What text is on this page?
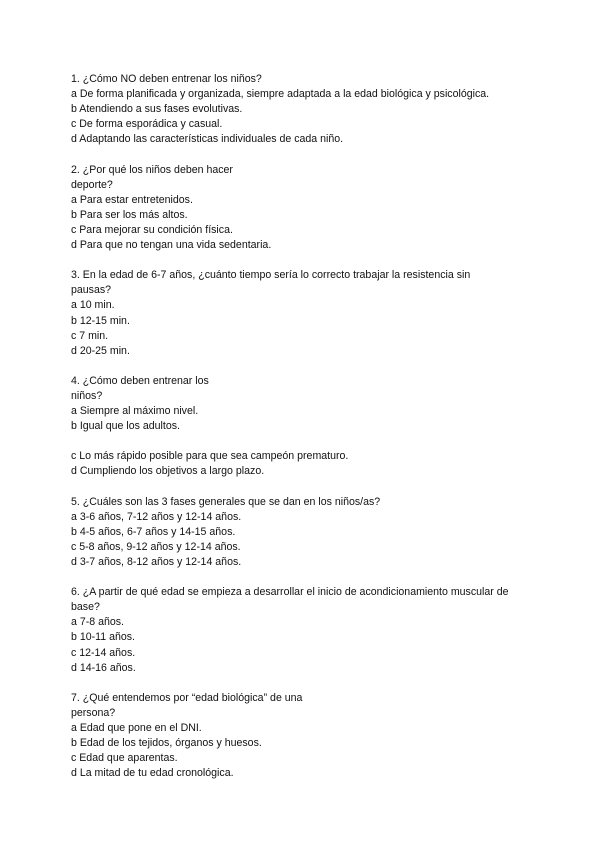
1. ¿Cómo NO deben entrenar los niños?
a De forma planificada y organizada, siempre adaptada a la edad biológica y psicológica.
b Atendiendo a sus fases evolutivas.
c De forma esporádica y casual.
d Adaptando las características individuales de cada niño.
2. ¿Por qué los niños deben hacer
deporte?
a Para estar entretenidos.
b Para ser los más altos.
c Para mejorar su condición física.
d Para que no tengan una vida sedentaria.
3. En la edad de 6-7 años, ¿cuánto tiempo sería lo correcto trabajar la resistencia sin
pausas?
a 10 min.
b 12-15 min.
c 7 min.
d 20-25 min.
4. ¿Cómo deben entrenar los
niños?
a Siempre al máximo nivel.
b Igual que los adultos.
c Lo más rápido posible para que sea campeón prematuro.
d Cumpliendo los objetivos a largo plazo.
5. ¿Cuáles son las 3 fases generales que se dan en los niños/as?
a 3-6 años, 7-12 años y 12-14 años.
b 4-5 años, 6-7 años y 14-15 años.
c 5-8 años, 9-12 años y 12-14 años.
d 3-7 años, 8-12 años y 12-14 años.
6. ¿A partir de qué edad se empieza a desarrollar el inicio de acondicionamiento muscular de
base?
a 7-8 años.
b 10-11 años.
c 12-14 años.
d 14-16 años.
7. ¿Qué entendemos por “edad biológica” de una
persona?
a Edad que pone en el DNI.
b Edad de los tejidos, órganos y huesos.
c Edad que aparentas.
d La mitad de tu edad cronológica.
